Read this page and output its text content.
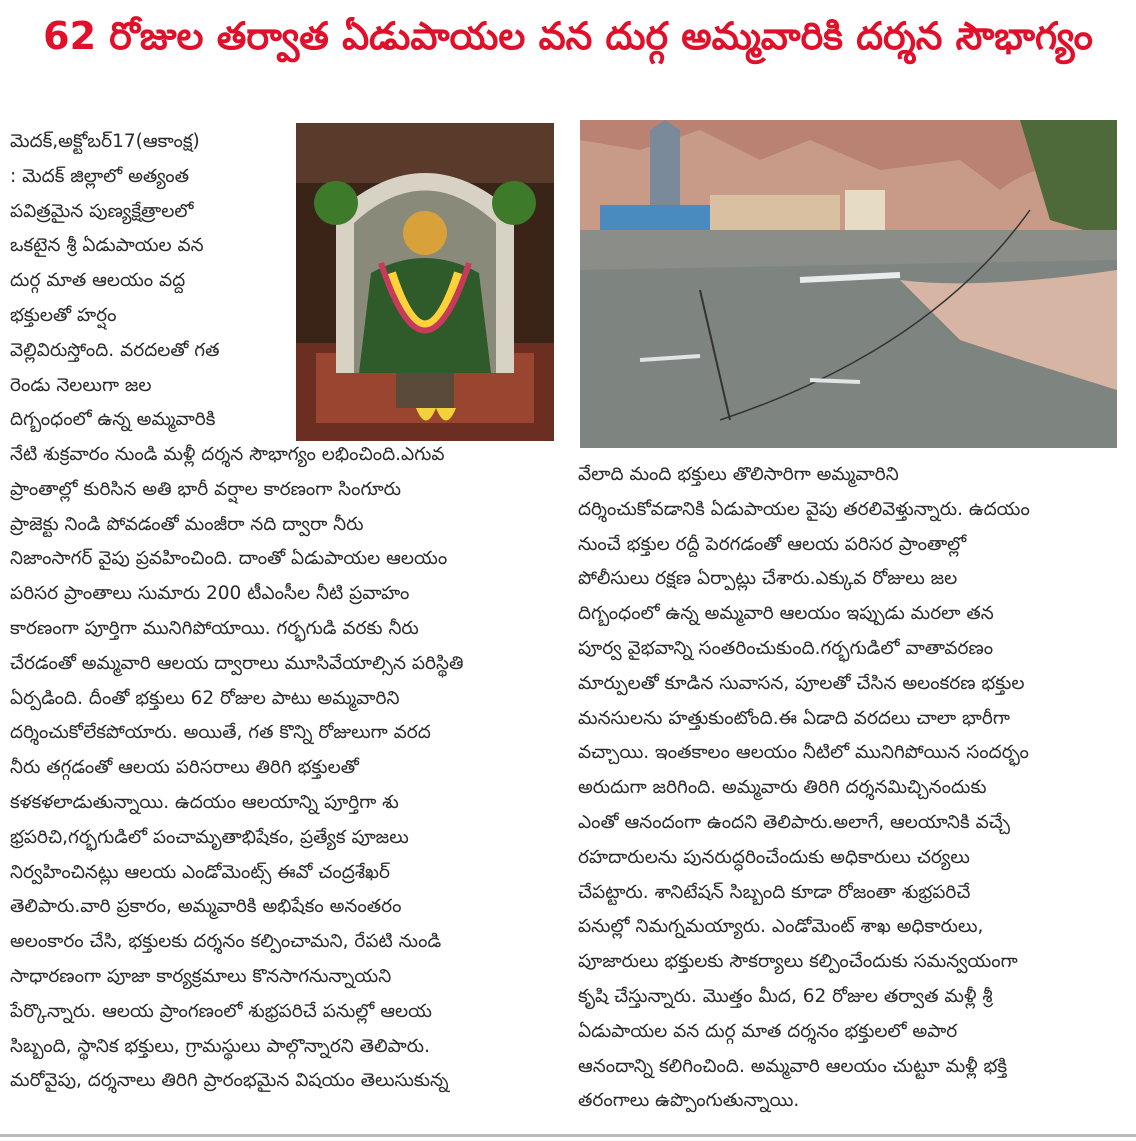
62 రోజుల తర్వాత ఏడుపాయల వన దుర్గ అమ్మవారికి దర్శన సౌభాగ్యం
మెదక్,అక్టోబర్17(ఆకాంక్ష)
: మెదక్ జిల్లాలో అత్యంత
పవిత్రమైన పుణ్యక్షేత్రాలలో
ఒకటైన శ్రీ ఏడుపాయల వన
దుర్గ మాత ఆలయం వద్ద
భక్తులతో హర్షం
వెల్లివిరుస్తోంది. వరదలతో గత
రెండు నెలలుగా జల
దిగ్బంధంలో ఉన్న అమ్మవారికి
నేటి శుక్రవారం నుండి మళ్లీ దర్శన సౌభాగ్యం లభించింది.ఎగువ
ప్రాంతాల్లో కురిసిన అతి భారీ వర్షాల కారణంగా సింగూరు
ప్రాజెక్టు నిండి పోవడంతో మంజీరా నది ద్వారా నీరు
నిజాంసాగర్ వైపు ప్రవహించింది. దాంతో ఏడుపాయల ఆలయం
పరిసర ప్రాంతాలు సుమారు 200 టీఎంసీల నీటి ప్రవాహం
కారణంగా పూర్తిగా మునిగిపోయాయి. గర్భగుడి వరకు నీరు
చేరడంతో అమ్మవారి ఆలయ ద్వారాలు మూసివేయాల్సిన పరిస్థితి
ఏర్పడింది. దీంతో భక్తులు 62 రోజుల పాటు అమ్మవారిని
దర్శించుకోలేకపోయారు. అయితే, గత కొన్ని రోజులుగా వరద
నీరు తగ్గడంతో ఆలయ పరిసరాలు తిరిగి భక్తులతో
కళకళలాడుతున్నాయి. ఉదయం ఆలయాన్ని పూర్తిగా శు
భ్రపరిచి,గర్భగుడిలో పంచామృతాభిషేకం, ప్రత్యేక పూజలు
నిర్వహించినట్లు ఆలయ ఎండోమెంట్స్ ఈవో చంద్రశేఖర్
తెలిపారు.వారి ప్రకారం, అమ్మవారికి అభిషేకం అనంతరం
అలంకారం చేసి, భక్తులకు దర్శనం కల్పించామని, రేపటి నుండి
సాధారణంగా పూజా కార్యక్రమాలు కొనసాగనున్నాయని
పేర్కొన్నారు. ఆలయ ప్రాంగణంలో శుభ్రపరిచే పనుల్లో ఆలయ
సిబ్బంది, స్థానిక భక్తులు, గ్రామస్థులు పాల్గొన్నారని తెలిపారు.
మరోవైపు, దర్శనాలు తిరిగి ప్రారంభమైన విషయం తెలుసుకున్న
వేలాది మంది భక్తులు తొలిసారిగా అమ్మవారిని
దర్శించుకోవడానికి ఏడుపాయల వైపు తరలివెళ్తున్నారు. ఉదయం
నుంచే భక్తుల రద్దీ పెరగడంతో ఆలయ పరిసర ప్రాంతాల్లో
పోలీసులు రక్షణ ఏర్పాట్లు చేశారు.ఎక్కువ రోజులు జల
దిగ్బంధంలో ఉన్న అమ్మవారి ఆలయం ఇప్పుడు మరలా తన
పూర్వ వైభవాన్ని సంతరించుకుంది.గర్భగుడిలో వాతావరణం
మార్పులతో కూడిన సువాసన, పూలతో చేసిన అలంకరణ భక్తుల
మనసులను హత్తుకుంటోంది.ఈ ఏడాది వరదలు చాలా భారీగా
వచ్చాయి. ఇంతకాలం ఆలయం నీటిలో మునిగిపోయిన సందర్భం
అరుదుగా జరిగింది. అమ్మవారు తిరిగి దర్శనమిచ్చినందుకు
ఎంతో ఆనందంగా ఉందని తెలిపారు.అలాగే, ఆలయానికి వచ్చే
రహదారులను పునరుద్ధరించేందుకు అధికారులు చర్యలు
చేపట్టారు. శానిటేషన్ సిబ్బంది కూడా రోజంతా శుభ్రపరిచే
పనుల్లో నిమగ్నమయ్యారు. ఎండోమెంట్ శాఖ అధికారులు,
పూజారులు భక్తులకు సౌకర్యాలు కల్పించేందుకు సమన్వయంగా
కృషి చేస్తున్నారు. మొత్తం మీద, 62 రోజుల తర్వాత మళ్లీ శ్రీ
ఏడుపాయల వన దుర్గ మాత దర్శనం భక్తులలో అపార
ఆనందాన్ని కలిగించింది. అమ్మవారి ఆలయం చుట్టూ మళ్లీ భక్తి
తరంగాలు ఉప్పొంగుతున్నాయి.
